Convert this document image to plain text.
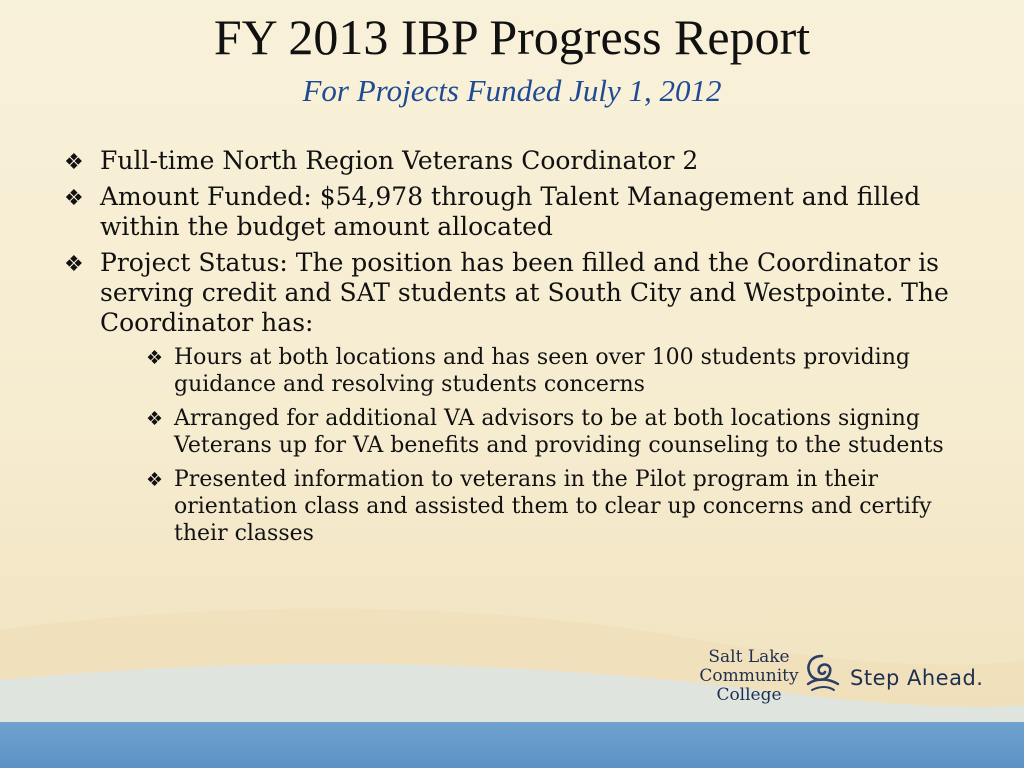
FY 2013 IBP Progress Report
For Projects Funded July 1, 2012
❖ Full-time North Region Veterans Coordinator 2
❖ Amount Funded: $54,978 through Talent Management and filled within the budget amount allocated
❖ Project Status: The position has been filled and the Coordinator is serving credit and SAT students at South City and Westpointe. The Coordinator has:
❖ Hours at both locations and has seen over 100 students providing guidance and resolving students concerns
❖ Arranged for additional VA advisors to be at both locations signing Veterans up for VA benefits and providing counseling to the students
❖ Presented information to veterans in the Pilot program in their orientation class and assisted them to clear up concerns and certify their classes
Salt Lake
Community
College
Step Ahead.
